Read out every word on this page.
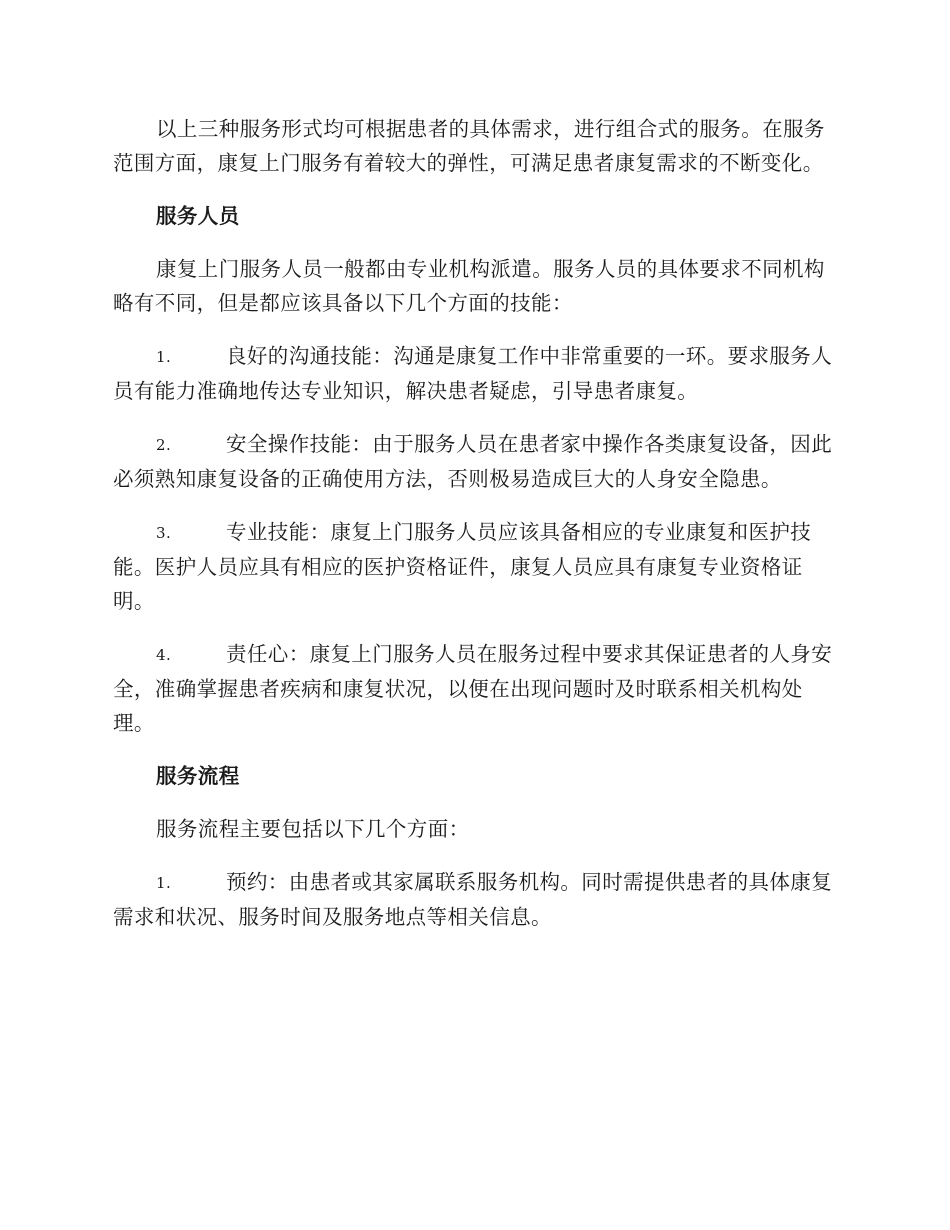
以上三种服务形式均可根据患者的具体需求，进行组合式的服务。在服务范围方面，康复上门服务有着较大的弹性，可满足患者康复需求的不断变化。

服务人员

康复上门服务人员一般都由专业机构派遣。服务人员的具体要求不同机构略有不同，但是都应该具备以下几个方面的技能：

1.	良好的沟通技能：沟通是康复工作中非常重要的一环。要求服务人员有能力准确地传达专业知识，解决患者疑虑，引导患者康复。

2.	安全操作技能：由于服务人员在患者家中操作各类康复设备，因此必须熟知康复设备的正确使用方法，否则极易造成巨大的人身安全隐患。

3.	专业技能：康复上门服务人员应该具备相应的专业康复和医护技能。医护人员应具有相应的医护资格证件，康复人员应具有康复专业资格证明。

4.	责任心：康复上门服务人员在服务过程中要求其保证患者的人身安全，准确掌握患者疾病和康复状况，以便在出现问题时及时联系相关机构处理。

服务流程

服务流程主要包括以下几个方面：

1.	预约：由患者或其家属联系服务机构。同时需提供患者的具体康复需求和状况、服务时间及服务地点等相关信息。
